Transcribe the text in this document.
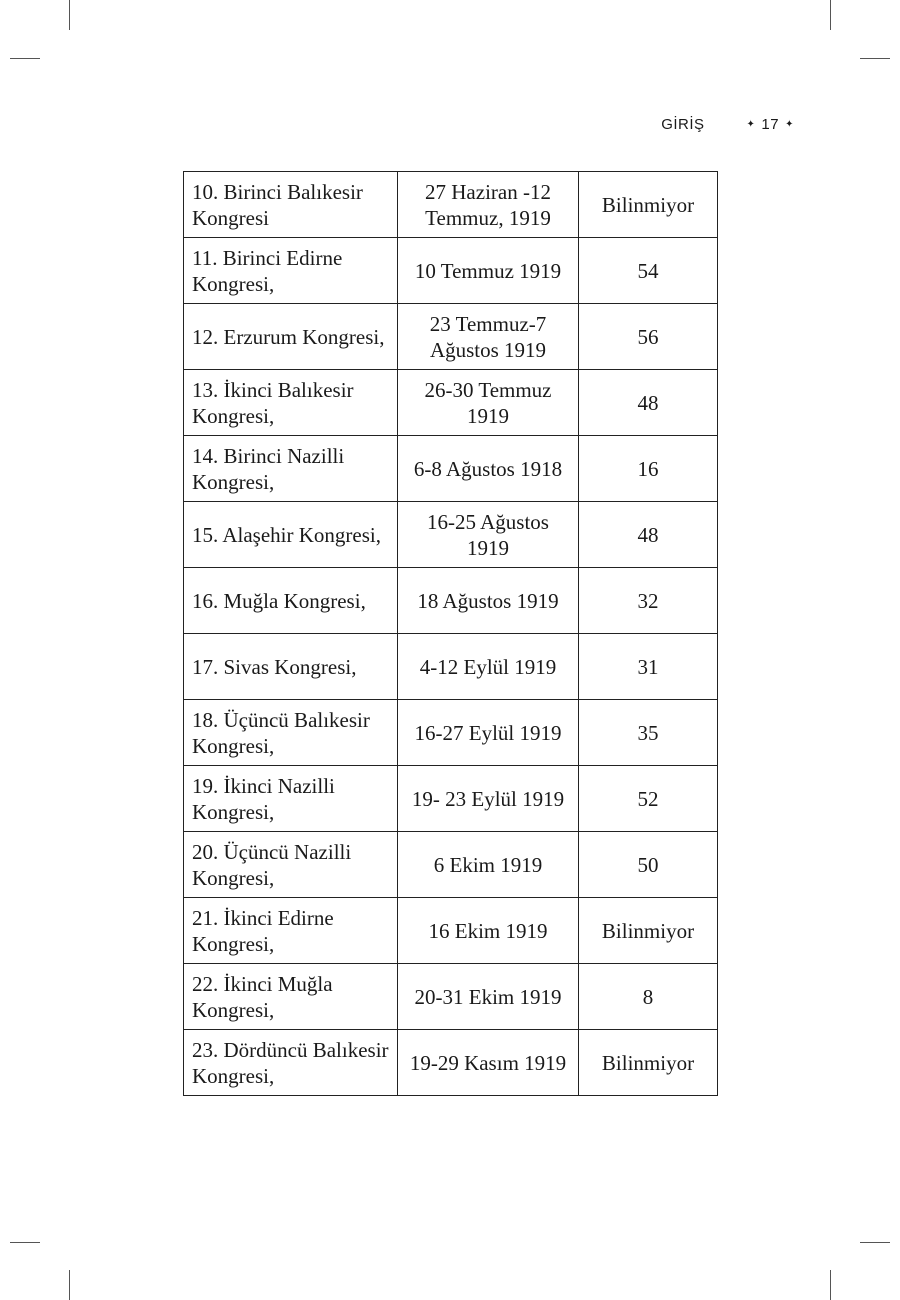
GİRİŞ	✦ 17 ✦
10. Birinci Balıkesir Kongresi	27 Haziran -12 Temmuz, 1919	Bilinmiyor
11. Birinci Edirne Kongresi,	10 Temmuz 1919	54
12. Erzurum Kongresi,	23 Temmuz-7 Ağustos 1919	56
13. İkinci Balıkesir Kongresi,	26-30 Temmuz 1919	48
14. Birinci Nazilli Kongresi,	6-8 Ağustos 1918	16
15. Alaşehir Kongresi,	16-25 Ağustos 1919	48
16. Muğla Kongresi,	18 Ağustos 1919	32
17. Sivas Kongresi,	4-12 Eylül 1919	31
18. Üçüncü Balıkesir Kongresi,	16-27 Eylül 1919	35
19. İkinci Nazilli Kongresi,	19- 23 Eylül 1919	52
20. Üçüncü Nazilli Kongresi,	6 Ekim 1919	50
21. İkinci Edirne Kongresi,	16 Ekim 1919	Bilinmiyor
22. İkinci Muğla Kongresi,	20-31 Ekim 1919	8
23. Dördüncü Balıkesir Kongresi,	19-29 Kasım 1919	Bilinmiyor
